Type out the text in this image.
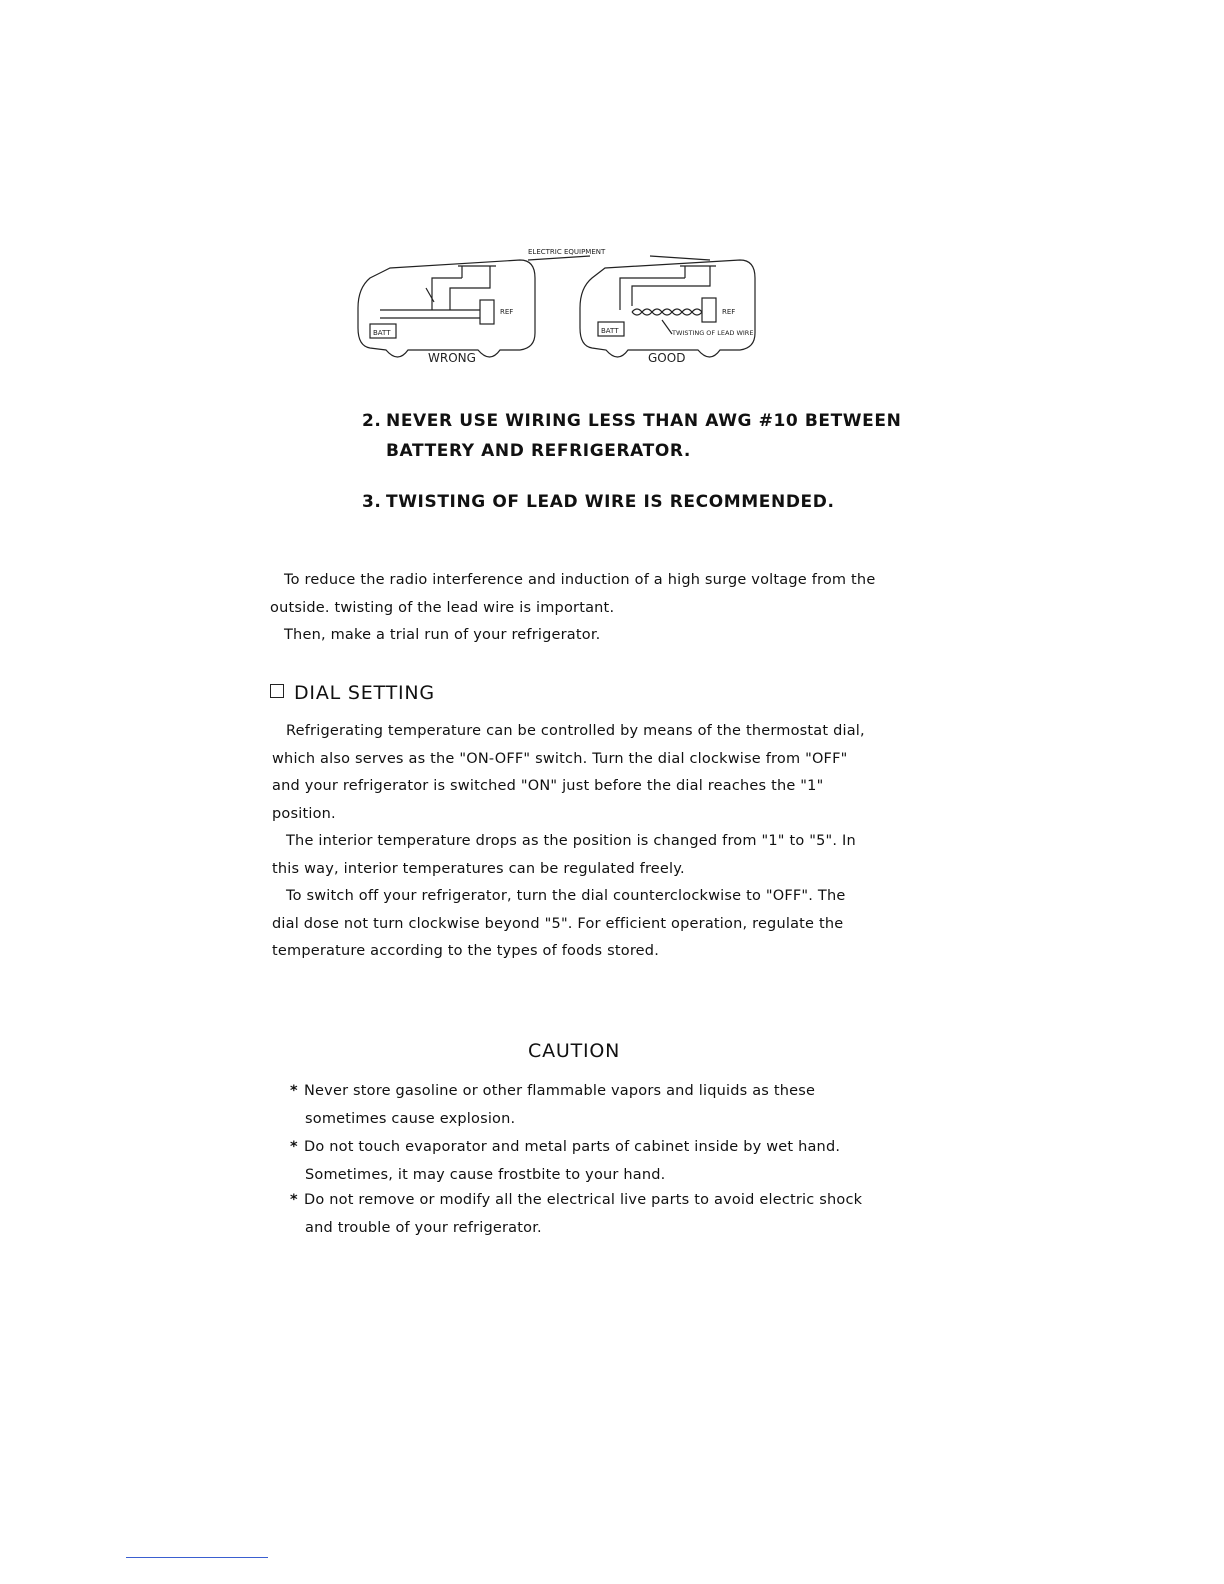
ELECTRIC EQUIPMENT
BATT
REF
WRONG
BATT
REF
TWISTING OF LEAD WIRE
GOOD
2. NEVER USE WIRING LESS THAN AWG #10 BETWEEN
BATTERY AND REFRIGERATOR.
3. TWISTING OF LEAD WIRE IS RECOMMENDED.
To reduce the radio interference and induction of a high surge voltage from the
outside. twisting of the lead wire is important.
Then, make a trial run of your refrigerator.
DIAL SETTING
Refrigerating temperature can be controlled by means of the thermostat dial,
which also serves as the "ON-OFF" switch. Turn the dial clockwise from "OFF"
and your refrigerator is switched "ON" just before the dial reaches the "1"
position.
The interior temperature drops as the position is changed from "1" to "5". In
this way, interior temperatures can be regulated freely.
To switch off your refrigerator, turn the dial counterclockwise to "OFF". The
dial dose not turn clockwise beyond "5". For efficient operation, regulate the
temperature according to the types of foods stored.
CAUTION
* Never store gasoline or other flammable vapors and liquids as these
sometimes cause explosion.
* Do not touch evaporator and metal parts of cabinet inside by wet hand.
Sometimes, it may cause frostbite to your hand.
* Do not remove or modify all the electrical live parts to avoid electric shock
and trouble of your refrigerator.
